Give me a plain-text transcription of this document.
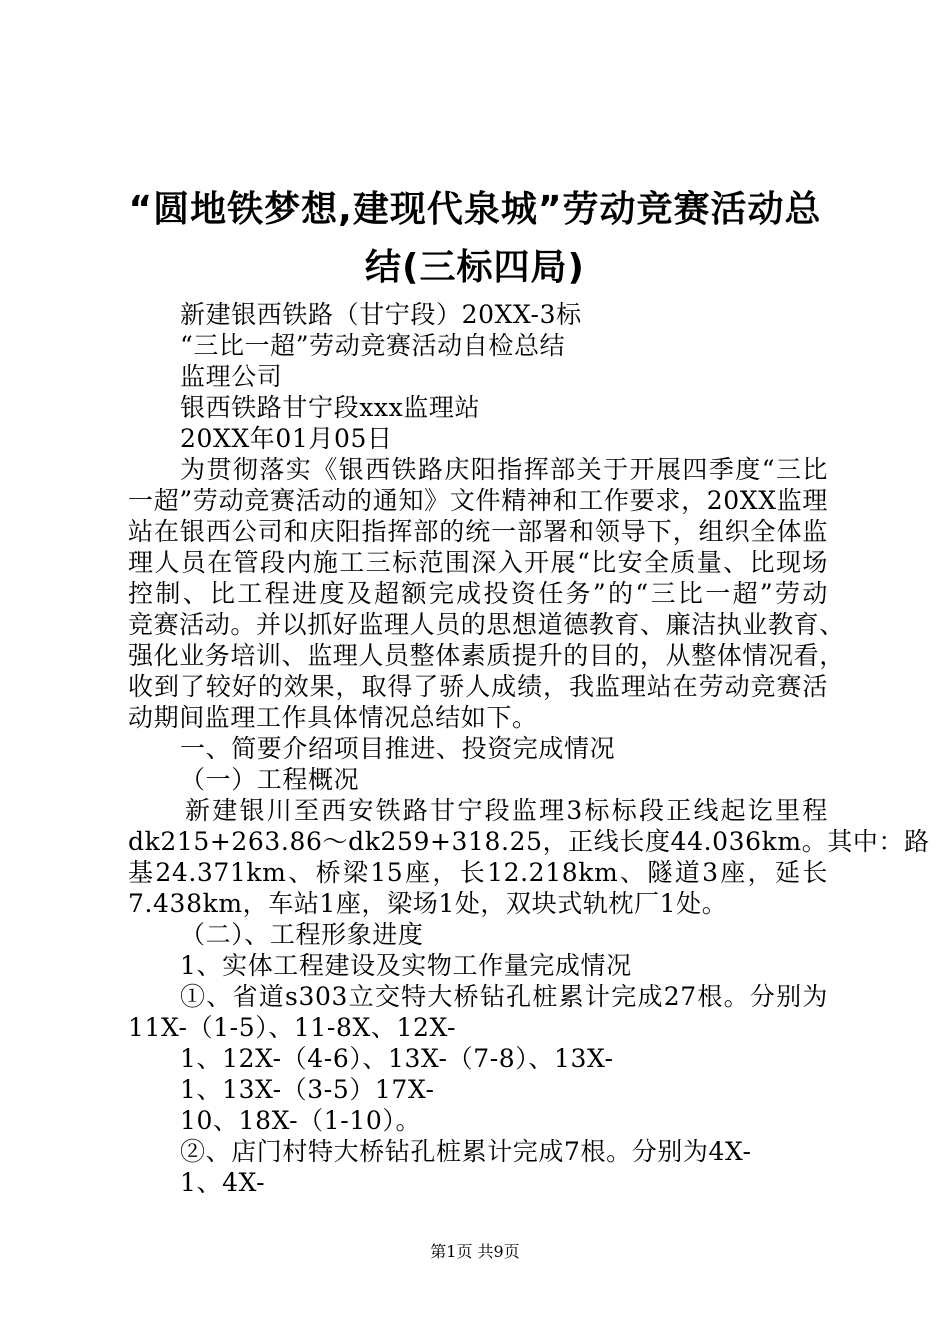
“圆地铁梦想,建现代泉城”劳动竞赛活动总
结(三标四局)
新建银西铁路（甘宁段）20XX-3标
“三比一超”劳动竞赛活动自检总结
监理公司
银西铁路甘宁段xxx监理站
20XX年01月05日
为贯彻落实《银西铁路庆阳指挥部关于开展四季度“三比
一超”劳动竞赛活动的通知》文件精神和工作要求，20XX监理
站在银西公司和庆阳指挥部的统一部署和领导下，组织全体监
理人员在管段内施工三标范围深入开展“比安全质量、比现场
控制、比工程进度及超额完成投资任务”的“三比一超”劳动
竞赛活动。并以抓好监理人员的思想道德教育、廉洁执业教育、
强化业务培训、监理人员整体素质提升的目的，从整体情况看，
收到了较好的效果，取得了骄人成绩，我监理站在劳动竞赛活
动期间监理工作具体情况总结如下。
一、简要介绍项目推进、投资完成情况
（一）工程概况
新建银川至西安铁路甘宁段监理3标标段正线起讫里程
dk215+263.86～dk259+318.25，正线长度44.036km。其中：路
基24.371km、桥梁15座，长12.218km、隧道3座，延长
7.438km，车站1座，梁场1处，双块式轨枕厂1处。
（二）、工程形象进度
1、实体工程建设及实物工作量完成情况
①、省道s303立交特大桥钻孔桩累计完成27根。分别为
11X-（1-5）、11-8X、12X-
1、12X-（4-6）、13X-（7-8）、13X-
1、13X-（3-5）17X-
10、18X-（1-10）。
②、店门村特大桥钻孔桩累计完成7根。分别为4X-
1、4X-
第1页 共9页
